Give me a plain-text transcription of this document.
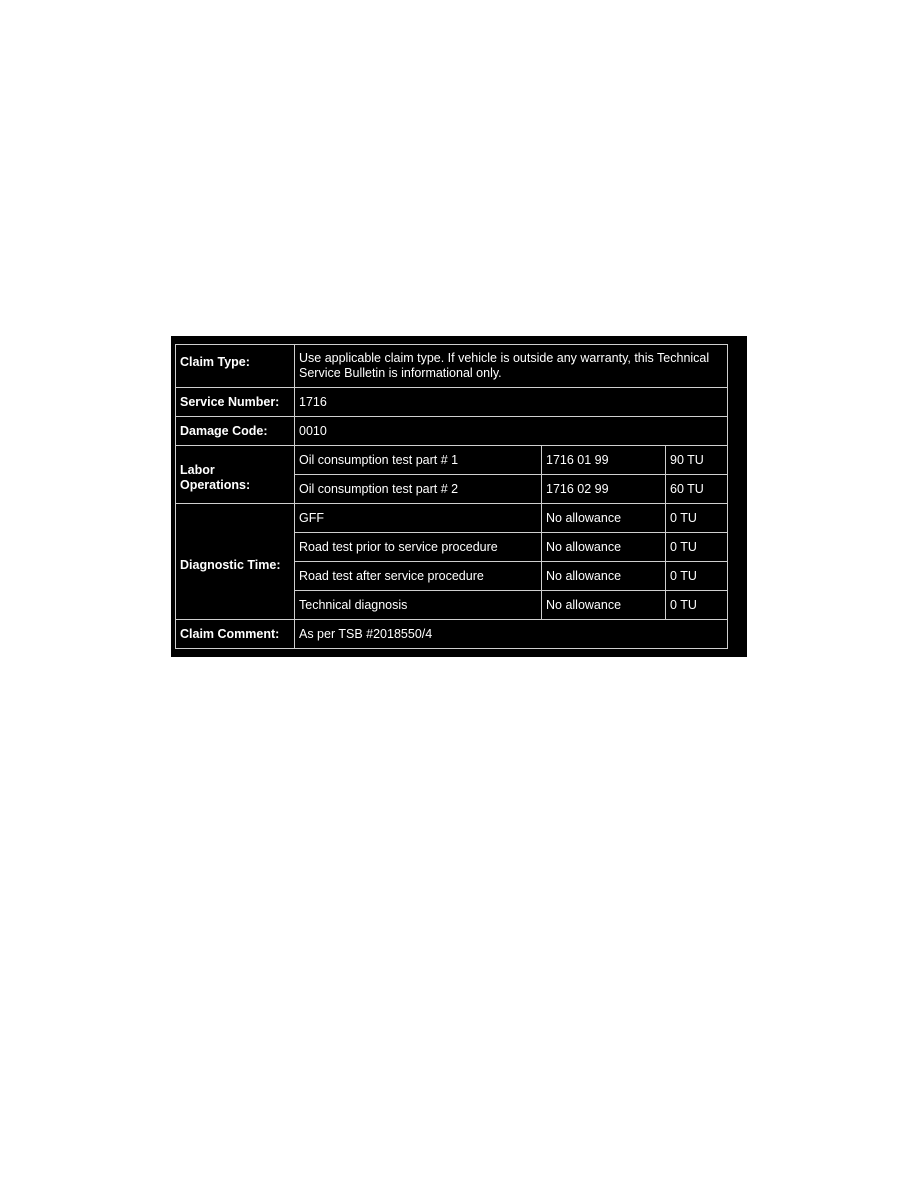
Claim Type:	Use applicable claim type. If vehicle is outside any warranty, this Technical Service Bulletin is informational only.		
Service Number:	1716		
Damage Code:	0010		
Labor
Operations:	Oil consumption test part # 1	1716 01 99	90 TU
	Oil consumption test part # 2	1716 02 99	60 TU
Diagnostic Time:	GFF	No allowance	0 TU
	Road test prior to service procedure	No allowance	0 TU
	Road test after service procedure	No allowance	0 TU
	Technical diagnosis	No allowance	0 TU
Claim Comment:	As per TSB #2018550/4		
